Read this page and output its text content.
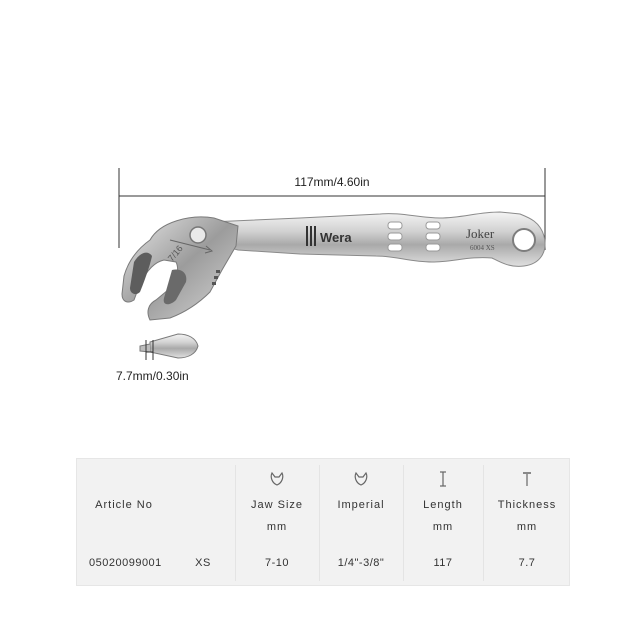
117mm/4.60in
Wera	Joker
6004 XS
7/16
7.7mm/0.30in
Article No
05020099001	XS
Jaw Size
mm
7-10
Imperial
1/4"-3/8"
Length
mm
117
Thickness
mm
7.7
